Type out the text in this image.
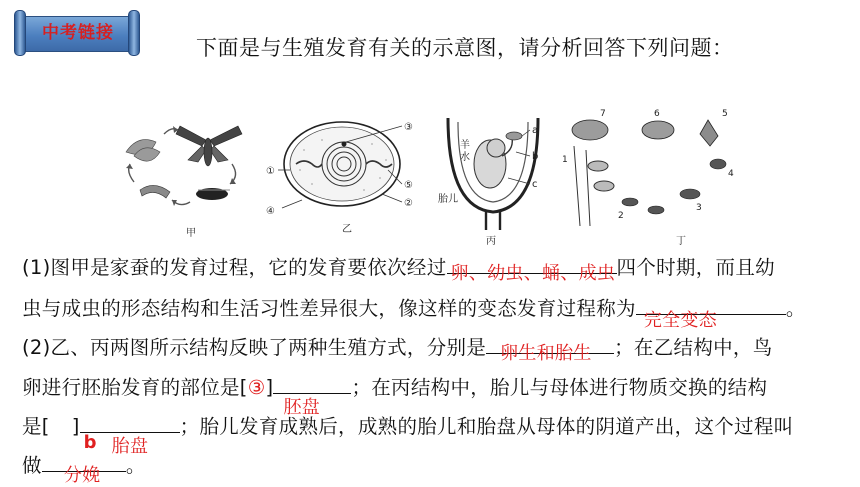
中考链接
下面是与生殖发育有关的示意图，请分析回答下列问题：
甲
③
①
④
⑤
②
乙
a
b
c
羊
水
胎儿
丙
1
2
3
4
5
6
7
丁
(1)图甲是家蚕的发育过程，它的发育要依次经过 卵、幼虫、蛹、成虫 四个时期，而且幼
虫与成虫的形态结构和生活习性差异很大，像这样的变态发育过程称为
完全变态
。
(2)乙、丙两图所示结构反映了两种生殖方式，分别是 卵生和胎生 ；在乙结构中，鸟
卵进行胚胎发育的部位是[③]
胚盘
；在丙结构中，胎儿与母体进行物质交换的结构
是[ ]
b 胎盘
；胎儿发育成熟后，成熟的胎儿和胎盘从母体的阴道产出，这个过程叫
做 分娩 。
